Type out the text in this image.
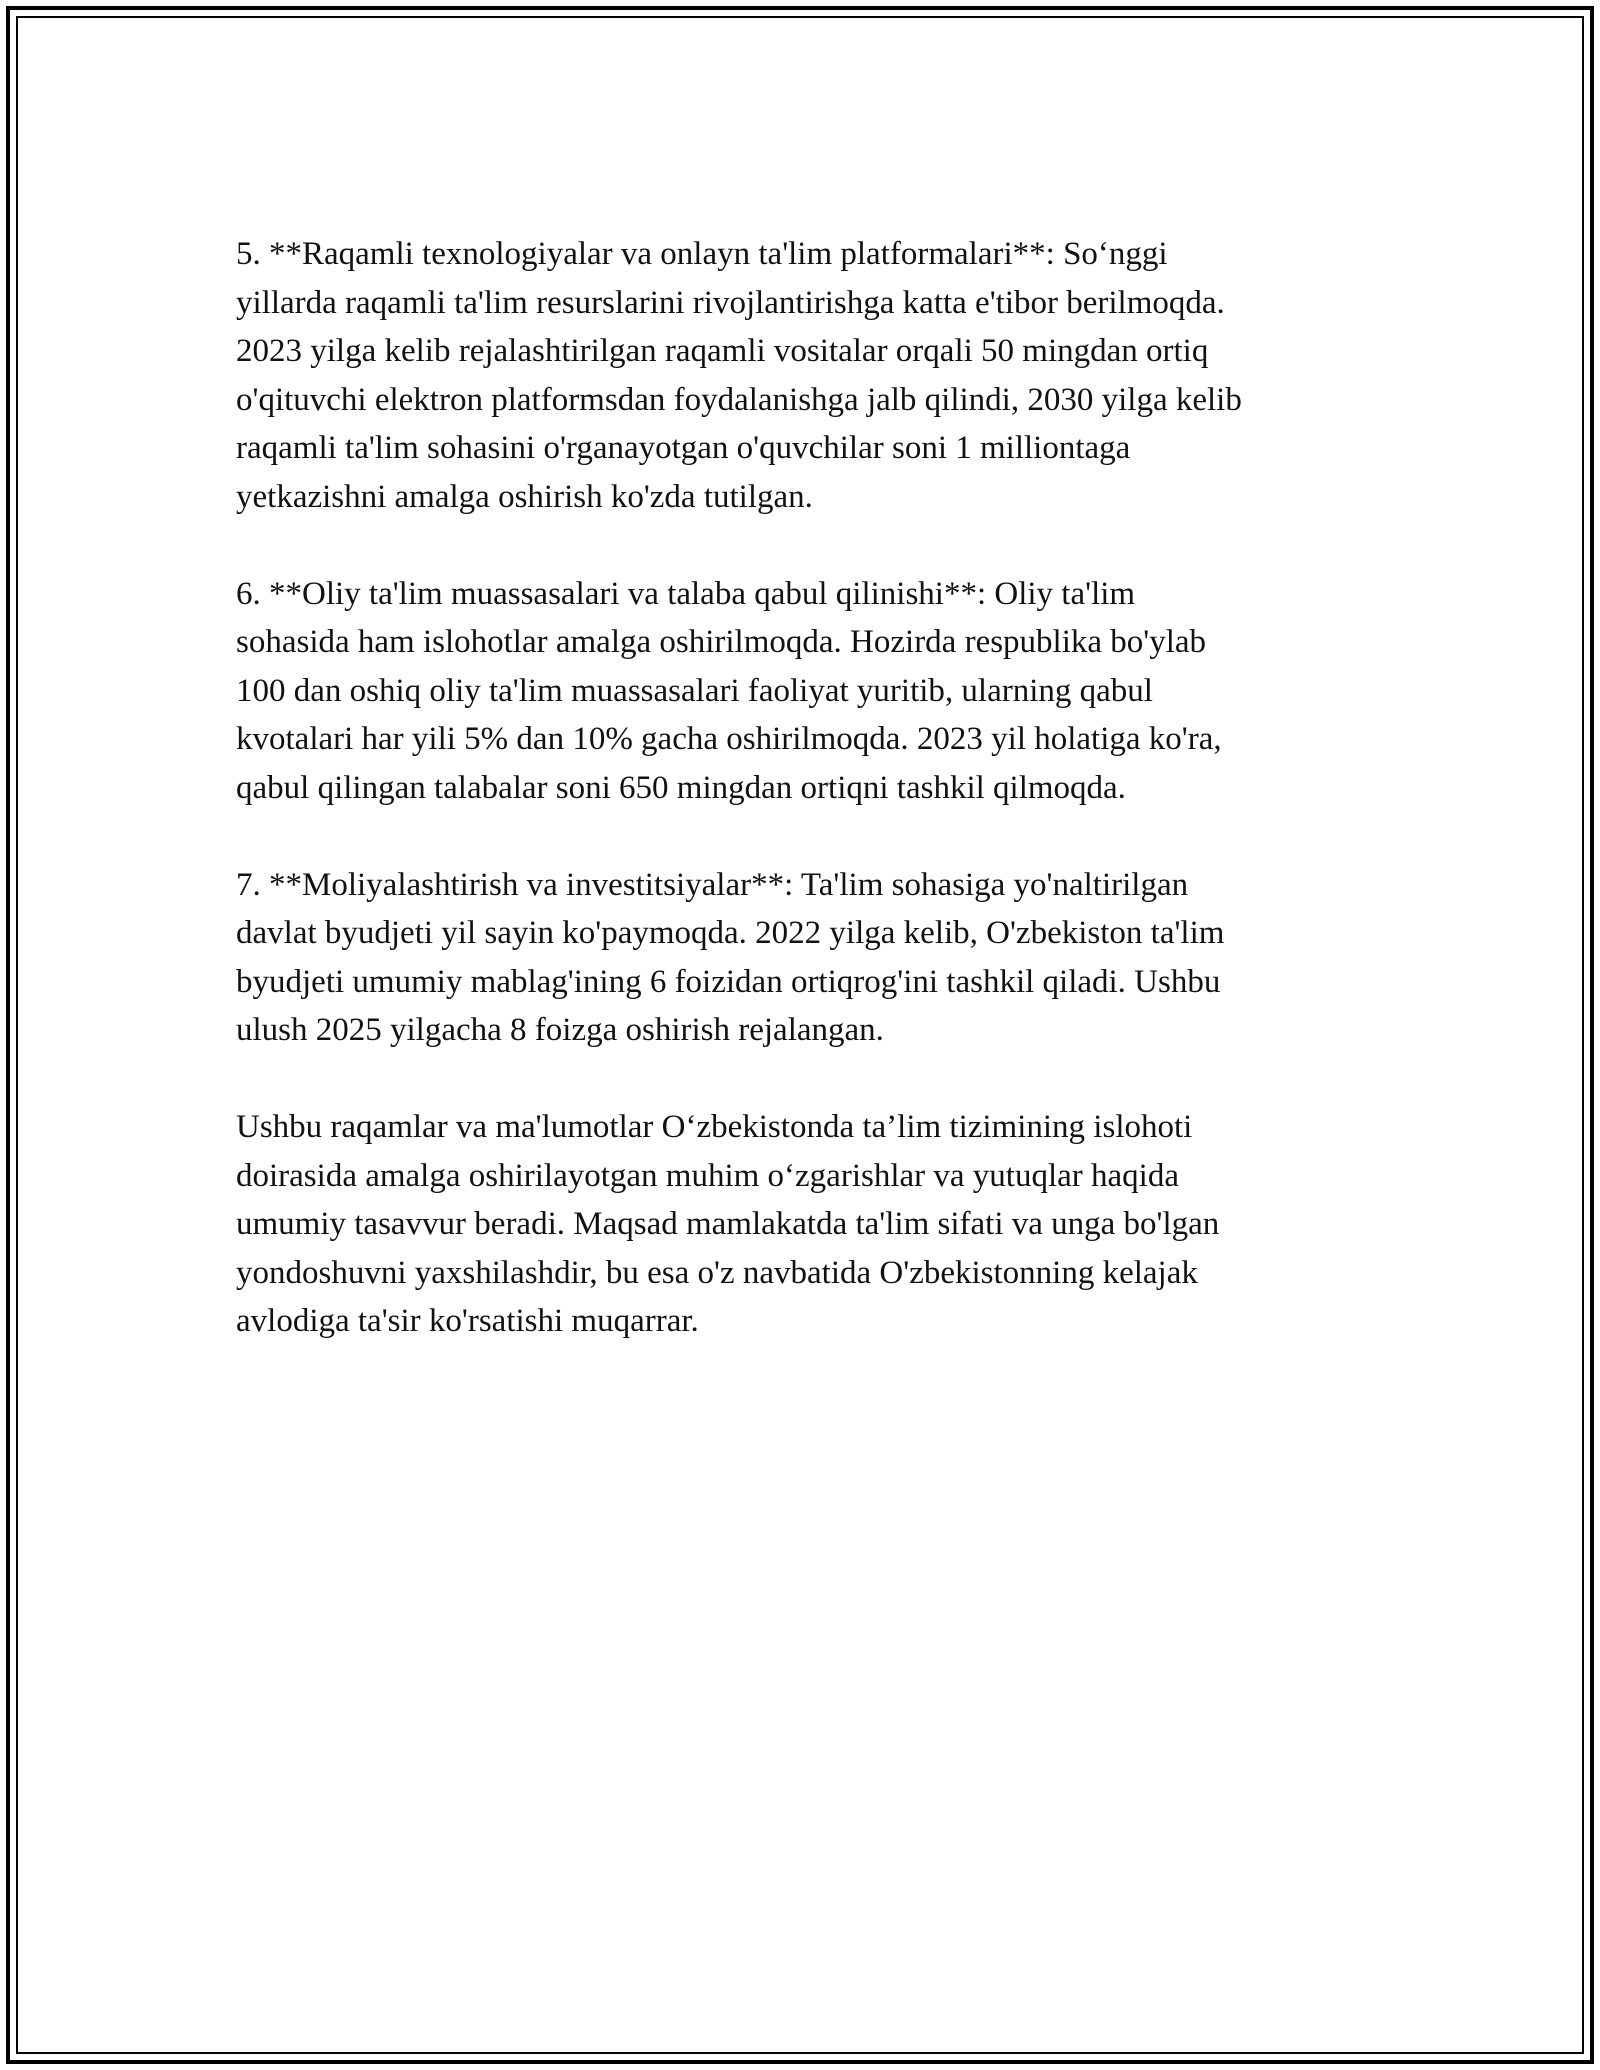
5. **Raqamli texnologiyalar va onlayn ta'lim platformalari**: So‘nggi
yillarda raqamli ta'lim resurslarini rivojlantirishga katta e'tibor berilmoqda.
2023 yilga kelib rejalashtirilgan raqamli vositalar orqali 50 mingdan ortiq
o'qituvchi elektron platformsdan foydalanishga jalb qilindi, 2030 yilga kelib
raqamli ta'lim sohasini o'rganayotgan o'quvchilar soni 1 milliontaga
yetkazishni amalga oshirish ko'zda tutilgan.

6. **Oliy ta'lim muassasalari va talaba qabul qilinishi**: Oliy ta'lim
sohasida ham islohotlar amalga oshirilmoqda. Hozirda respublika bo'ylab
100 dan oshiq oliy ta'lim muassasalari faoliyat yuritib, ularning qabul
kvotalari har yili 5% dan 10% gacha oshirilmoqda. 2023 yil holatiga ko'ra,
qabul qilingan talabalar soni 650 mingdan ortiqni tashkil qilmoqda.

7. **Moliyalashtirish va investitsiyalar**: Ta'lim sohasiga yo'naltirilgan
davlat byudjeti yil sayin ko'paymoqda. 2022 yilga kelib, O'zbekiston ta'lim
byudjeti umumiy mablag'ining 6 foizidan ortiqrog'ini tashkil qiladi. Ushbu
ulush 2025 yilgacha 8 foizga oshirish rejalangan.

Ushbu raqamlar va ma'lumotlar O‘zbekistonda ta’lim tizimining islohoti
doirasida amalga oshirilayotgan muhim o‘zgarishlar va yutuqlar haqida
umumiy tasavvur beradi. Maqsad mamlakatda ta'lim sifati va unga bo'lgan
yondoshuvni yaxshilashdir, bu esa o'z navbatida O'zbekistonning kelajak
avlodiga ta'sir ko'rsatishi muqarrar.
